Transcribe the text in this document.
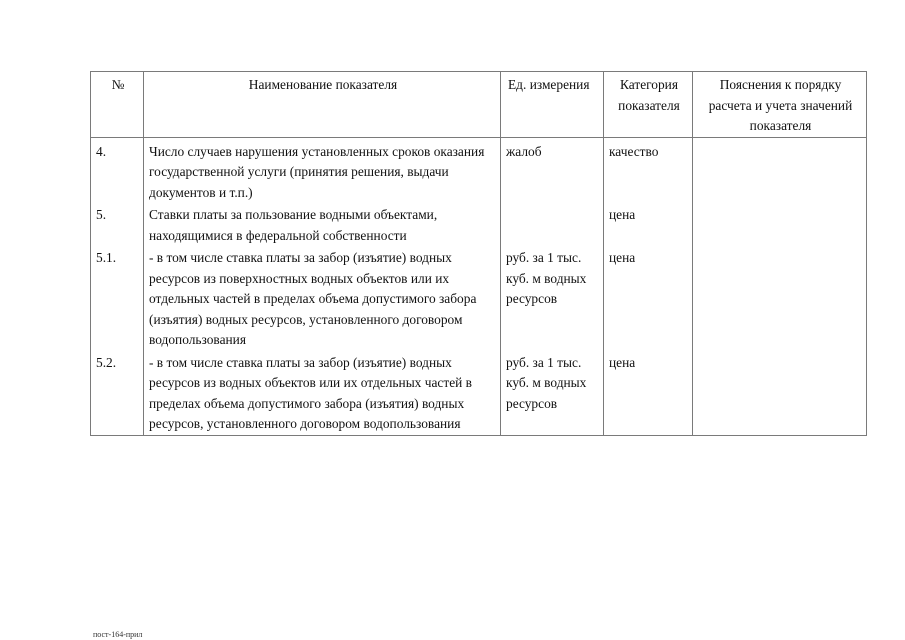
№	Наименование показателя	Ед. измерения	Категория показателя	Пояснения к порядку расчета и учета значений показателя
4.	Число случаев нарушения установленных сроков оказания государственной услуги (принятия решения, выдачи документов и т.п.)	жалоб	качество	
5.	Ставки платы за пользование водными объектами, находящимися в федеральной собственности		цена	
5.1.	- в том числе ставка платы за забор (изъятие) водных ресурсов из поверхностных водных объектов или их отдельных частей в пределах объема допустимого забора (изъятия) водных ресурсов, установленного договором водопользования	руб. за 1 тыс. куб. м водных ресурсов	цена	
5.2.	- в том числе ставка платы за забор (изъятие) водных ресурсов из водных объектов или их отдельных частей в пределах объема допустимого забора (изъятия) водных ресурсов, установленного договором водопользования	руб. за 1 тыс. куб. м водных ресурсов	цена	
пост-164-прил
